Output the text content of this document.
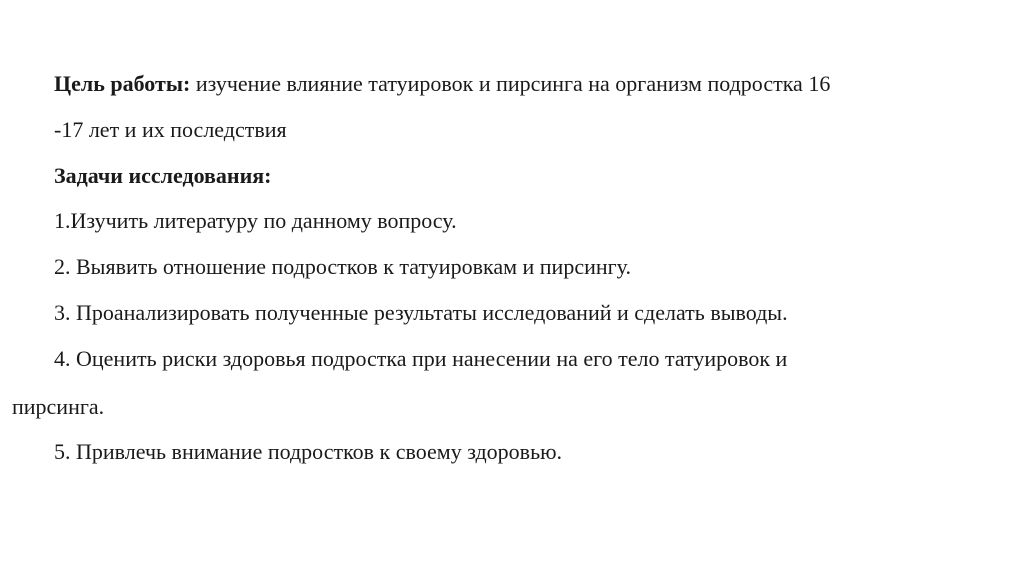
Цель работы: изучение влияние татуировок и пирсинга на организм подростка 16
-17 лет и их последствия
Задачи исследования:
1.Изучить литературу по данному вопросу.
2. Выявить отношение подростков к татуировкам и пирсингу.
3. Проанализировать полученные результаты исследований и сделать выводы.
4. Оценить риски здоровья подростка при нанесении на его тело татуировок и
пирсинга.
5. Привлечь внимание подростков к своему здоровью.
